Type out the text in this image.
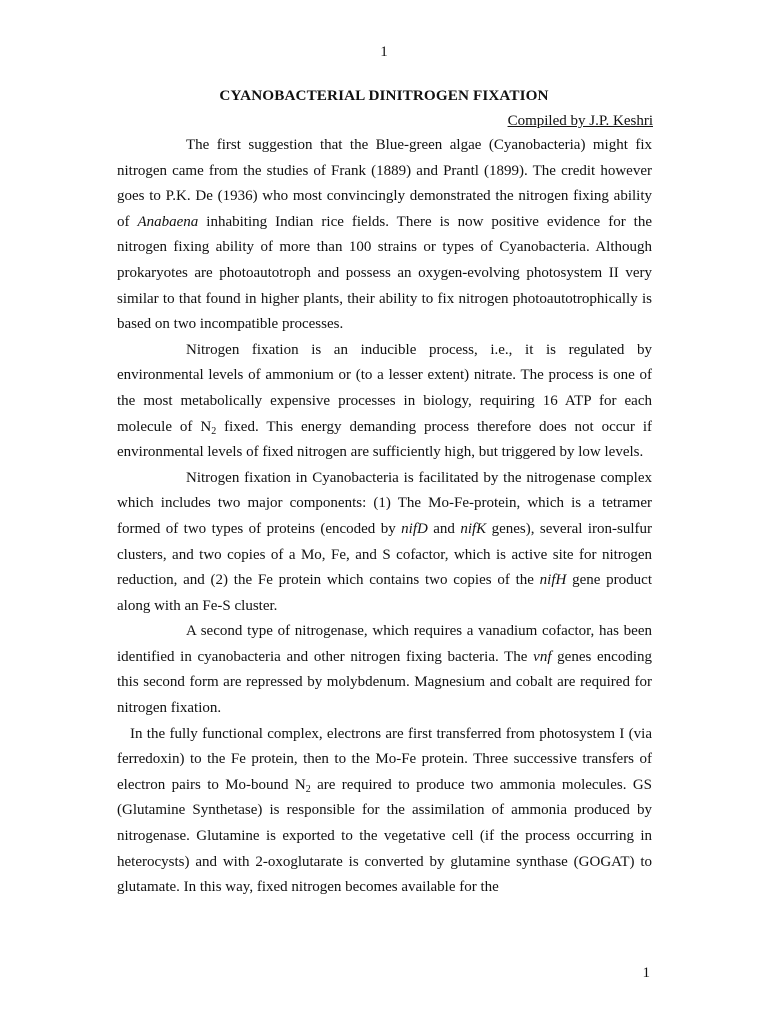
1
CYANOBACTERIAL DINITROGEN FIXATION
Compiled by J.P. Keshri

The first suggestion that the Blue-green algae (Cyanobacteria) might fix nitrogen came from the studies of Frank (1889) and Prantl (1899). The credit however goes to P.K. De (1936) who most convincingly demonstrated the nitrogen fixing ability of Anabaena inhabiting Indian rice fields. There is now positive evidence for the nitrogen fixing ability of more than 100 strains or types of Cyanobacteria. Although prokaryotes are photoautotroph and possess an oxygen-evolving photosystem II very similar to that found in higher plants, their ability to fix nitrogen photoautotrophically is based on two incompatible processes.

Nitrogen fixation is an inducible process, i.e., it is regulated by environmental levels of ammonium or (to a lesser extent) nitrate. The process is one of the most metabolically expensive processes in biology, requiring 16 ATP for each molecule of $N_2$ fixed. This energy demanding process therefore does not occur if environmental levels of fixed nitrogen are sufficiently high, but triggered by low levels.

Nitrogen fixation in Cyanobacteria is facilitated by the nitrogenase complex which includes two major components: (1) The Mo-Fe-protein, which is a tetramer formed of two types of proteins (encoded by nifD and nifK genes), several iron-sulfur clusters, and two copies of a Mo, Fe, and S cofactor, which is active site for nitrogen reduction, and (2) the Fe protein which contains two copies of the nifH gene product along with an Fe-S cluster.

A second type of nitrogenase, which requires a vanadium cofactor, has been identified in cyanobacteria and other nitrogen fixing bacteria. The vnf genes encoding this second form are repressed by molybdenum. Magnesium and cobalt are required for nitrogen fixation.

In the fully functional complex, electrons are first transferred from photosystem I (via ferredoxin) to the Fe protein, then to the Mo-Fe protein. Three successive transfers of electron pairs to Mo-bound $N_2$ are required to produce two ammonia molecules. GS (Glutamine Synthetase) is responsible for the assimilation of ammonia produced by nitrogenase. Glutamine is exported to the vegetative cell (if the process occurring in heterocysts) and with 2-oxoglutarate is converted by glutamine synthase (GOGAT) to glutamate. In this way, fixed nitrogen becomes available for the

1
